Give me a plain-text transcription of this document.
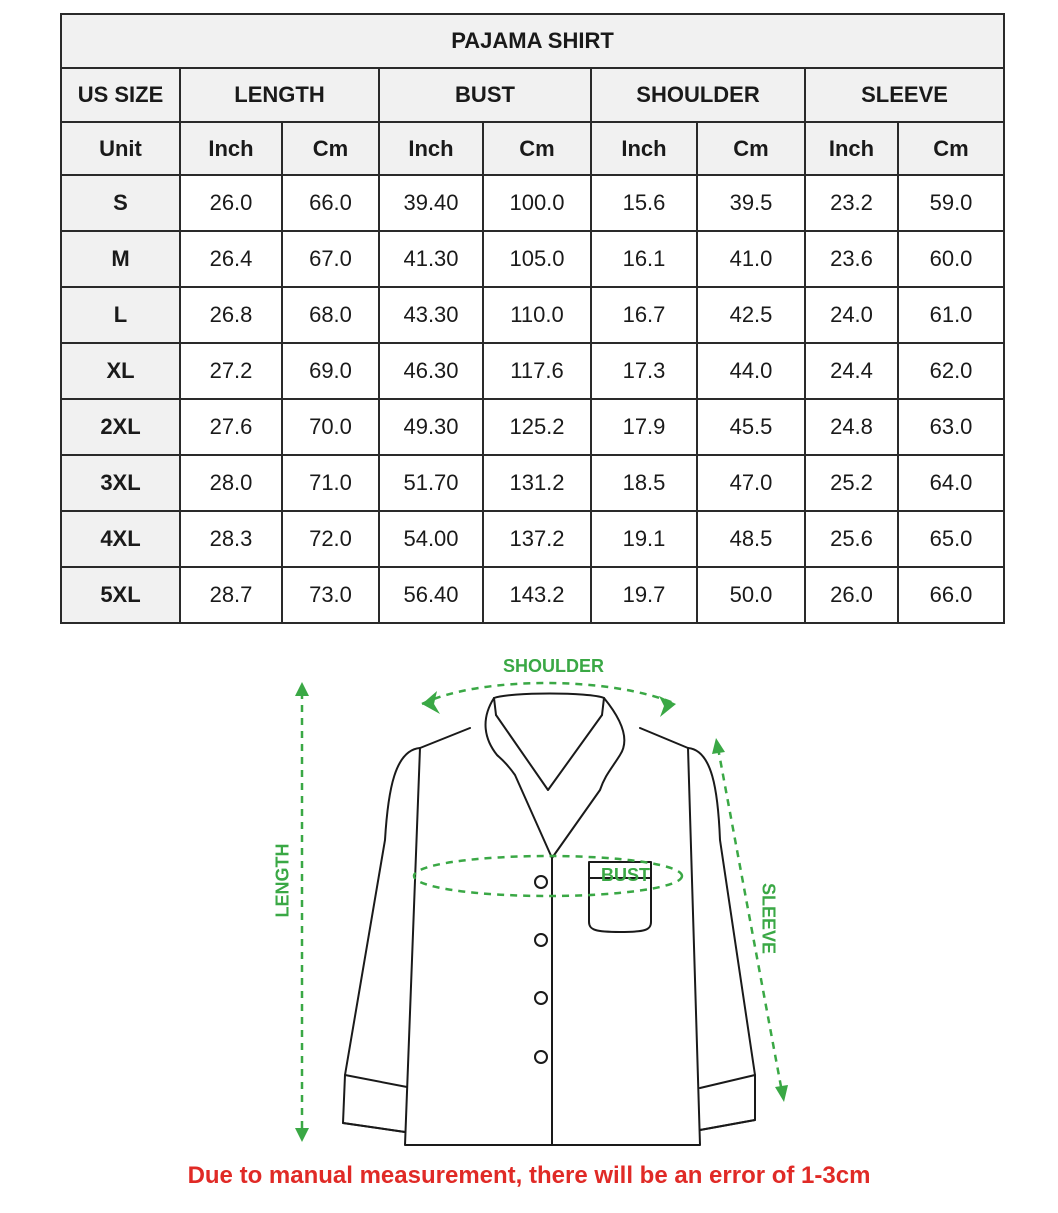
PAJAMA SHIRT								
US SIZE	LENGTH		BUST		SHOULDER		SLEEVE	
Unit	Inch	Cm	Inch	Cm	Inch	Cm	Inch	Cm
S	26.0	66.0	39.40	100.0	15.6	39.5	23.2	59.0
M	26.4	67.0	41.30	105.0	16.1	41.0	23.6	60.0
L	26.8	68.0	43.30	110.0	16.7	42.5	24.0	61.0
XL	27.2	69.0	46.30	117.6	17.3	44.0	24.4	62.0
2XL	27.6	70.0	49.30	125.2	17.9	45.5	24.8	63.0
3XL	28.0	71.0	51.70	131.2	18.5	47.0	25.2	64.0
4XL	28.3	72.0	54.00	137.2	19.1	48.5	25.6	65.0
5XL	28.7	73.0	56.40	143.2	19.7	50.0	26.0	66.0
SHOULDER
BUST
LENGTH
SLEEVE
Due to manual measurement, there will be an error of 1-3cm
